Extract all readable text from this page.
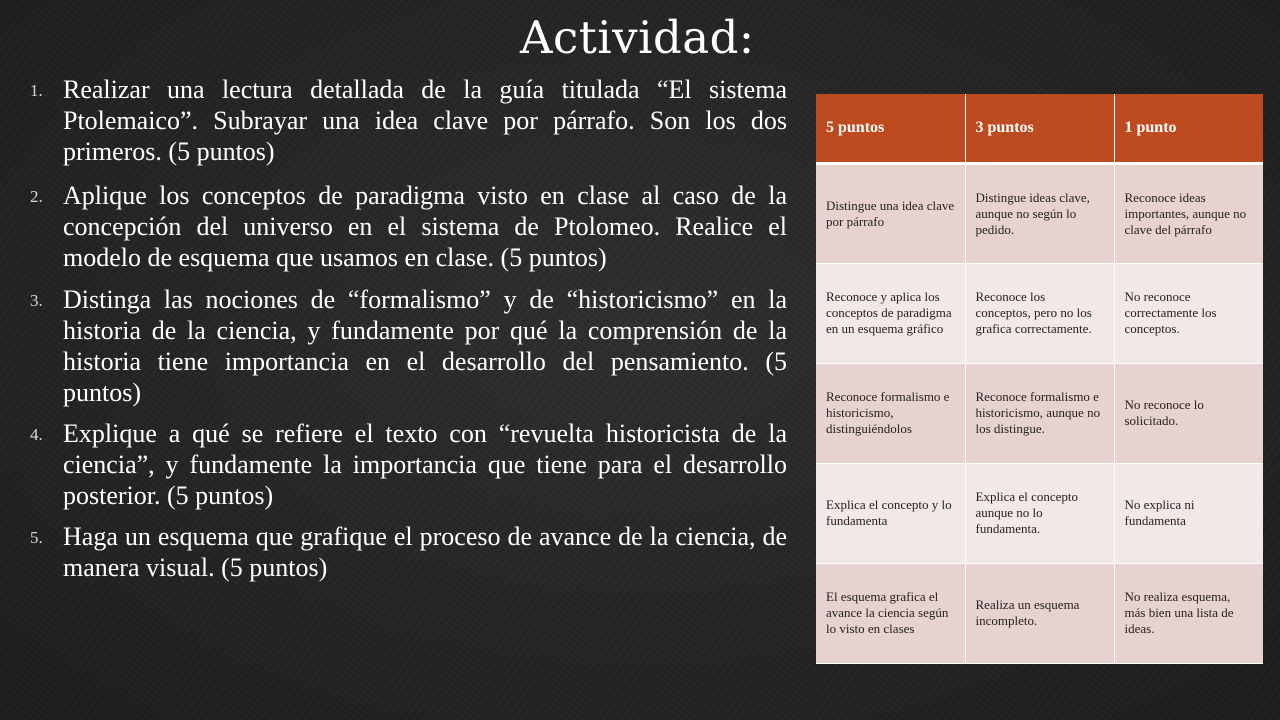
Actividad:
1. Realizar una lectura detallada de la guía titulada “El sistema Ptolemaico”. Subrayar una idea clave por párrafo. Son los dos primeros. (5 puntos)
2. Aplique los conceptos de paradigma visto en clase al caso de la concepción del universo en el sistema de Ptolomeo. Realice el modelo de esquema que usamos en clase. (5 puntos)
3. Distinga las nociones de “formalismo” y de “historicismo” en la historia de la ciencia, y fundamente por qué la comprensión de la historia tiene importancia en el desarrollo del pensamiento. (5 puntos)
4. Explique a qué se refiere el texto con “revuelta historicista de la ciencia”, y fundamente la importancia que tiene para el desarrollo posterior. (5 puntos)
5. Haga un esquema que grafique el proceso de avance de la ciencia, de manera visual. (5 puntos)
5 puntos	3 puntos	1 punto
Distingue una idea clave por párrafo	Distingue ideas clave, aunque no según lo pedido.	Reconoce ideas importantes, aunque no clave del párrafo
Reconoce y aplica los conceptos de paradigma en un esquema gráfico	Reconoce los conceptos, pero no los grafica correctamente.	No reconoce correctamente los conceptos.
Reconoce formalismo e historicismo, distinguiéndolos	Reconoce formalismo e historicismo, aunque no los distingue.	No reconoce lo solicitado.
Explica el concepto y lo fundamenta	Explica el concepto aunque no lo fundamenta.	No explica ni fundamenta
El esquema grafica el avance la ciencia según lo visto en clases	Realiza un esquema incompleto.	No realiza esquema, más bien una lista de ideas.
